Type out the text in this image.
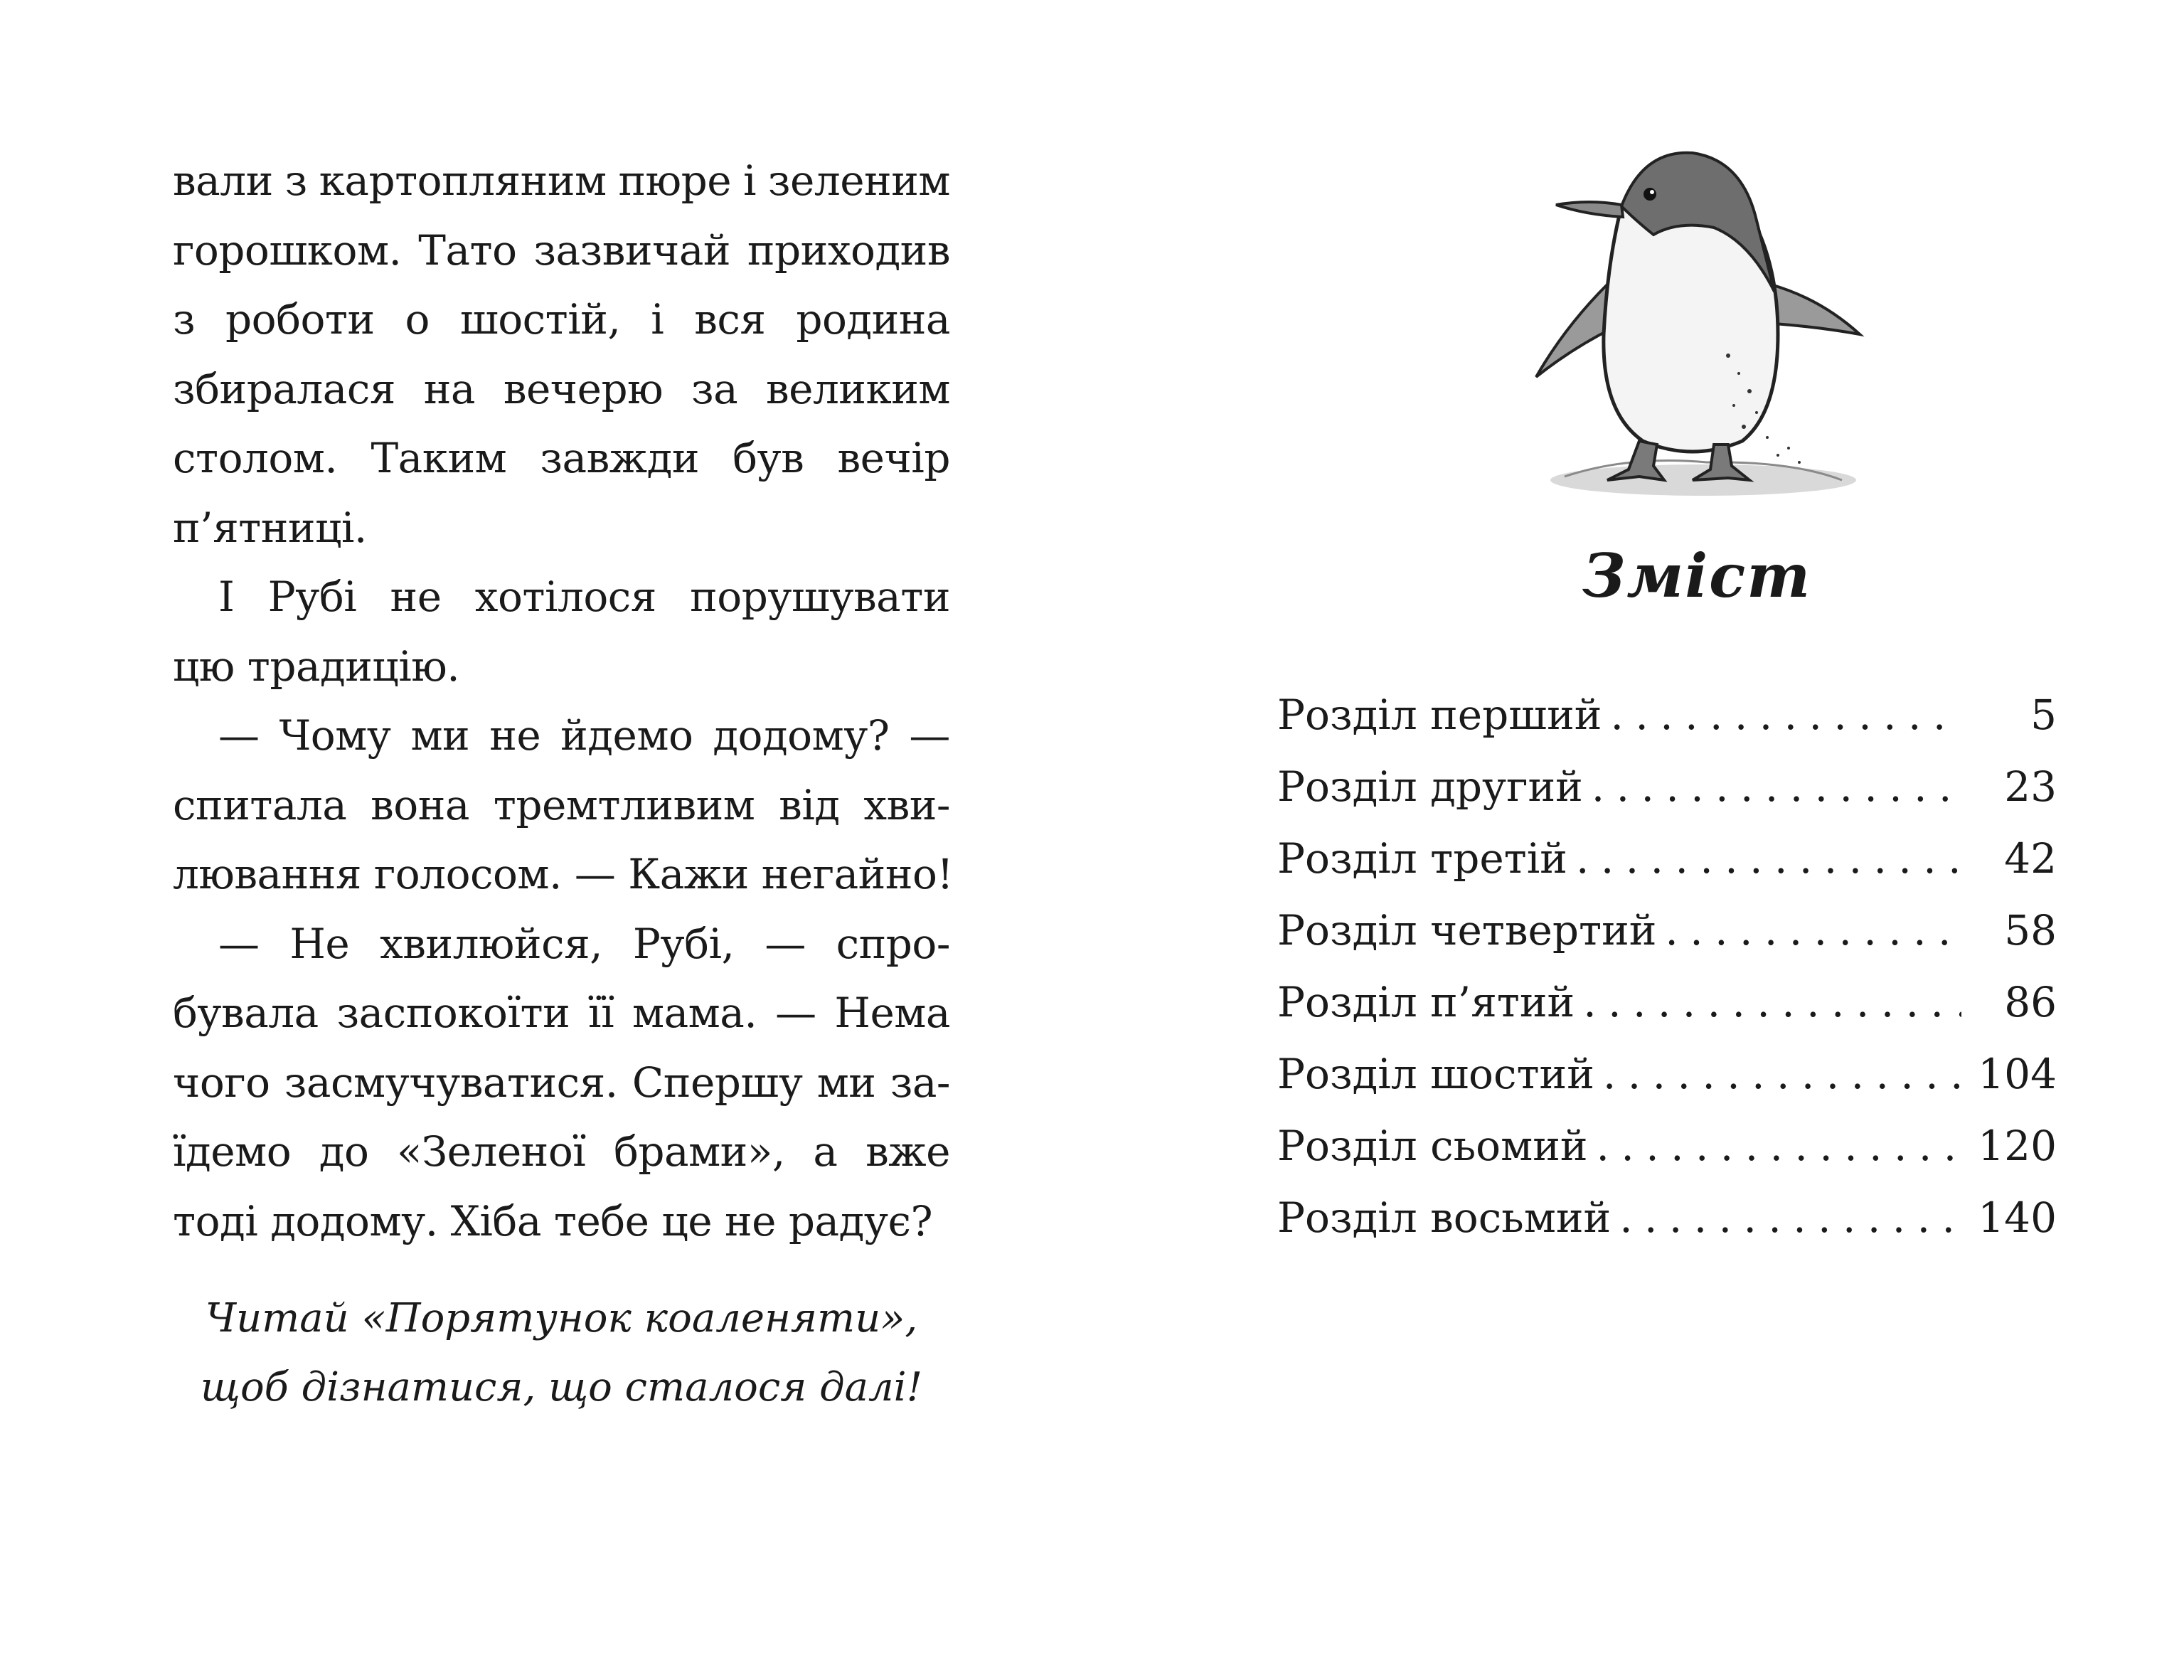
вали з картопляним пюре і зеленим
горошком. Тато зазвичай приходив
з роботи о шостій, і вся родина
збиралася на вечерю за великим
столом. Таким завжди був вечір
п’ятниці.
І Рубі не хотілося порушувати
цю традицію.
— Чому ми не йдемо додому? —
спитала вона тремтливим від хви-
лювання голосом. — Кажи негайно!
— Не хвилюйся, Рубі, — спро-
бувала заспокоїти її мама. — Нема
чого засмучуватися. Спершу ми за-
їдемо до «Зеленої брами», а вже
тоді додому. Хіба тебе це не радує?
Читай «Порятунок коаленяти»,
щоб дізнатися, що сталося далі!
Зміст
Розділ перший . . .	5
Розділ другий . . .	23
Розділ третій . . .	42
Розділ четвертий . . .	58
Розділ п’ятий . . .	86
Розділ шостий . . .	104
Розділ сьомий . . .	120
Розділ восьмий . . .	140
